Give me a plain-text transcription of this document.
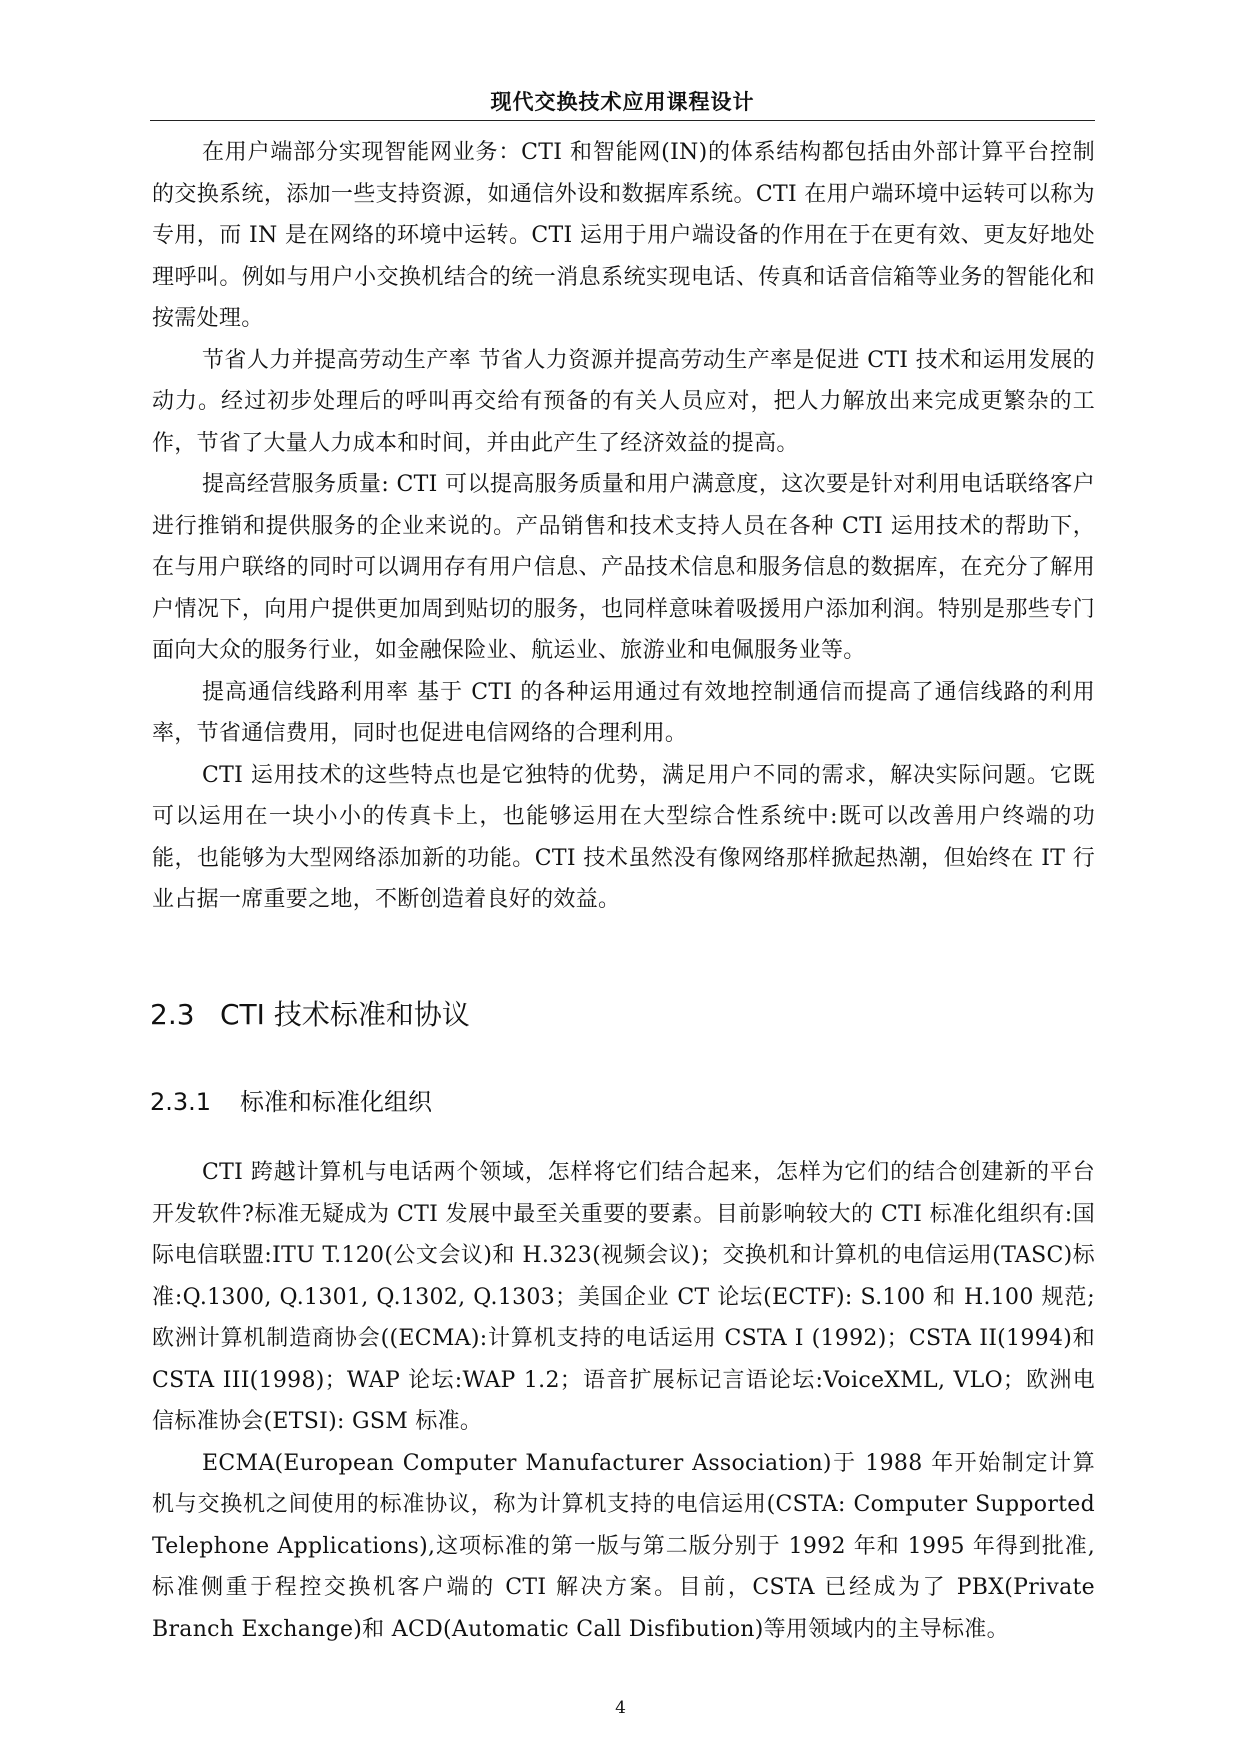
现代交换技术应用课程设计

在用户端部分实现智能网业务：CTI 和智能网(IN)的体系结构都包括由外部计算平台控制的交换系统，添加一些支持资源，如通信外设和数据库系统。CTI 在用户端环境中运转可以称为专用，而 IN 是在网络的环境中运转。CTI 运用于用户端设备的作用在于在更有效、更友好地处理呼叫。例如与用户小交换机结合的统一消息系统实现电话、传真和话音信箱等业务的智能化和按需处理。

节省人力并提高劳动生产率 节省人力资源并提高劳动生产率是促进 CTI 技术和运用发展的动力。经过初步处理后的呼叫再交给有预备的有关人员应对，把人力解放出来完成更繁杂的工作，节省了大量人力成本和时间，并由此产生了经济效益的提高。

提高经营服务质量: CTI 可以提高服务质量和用户满意度，这次要是针对利用电话联络客户进行推销和提供服务的企业来说的。产品销售和技术支持人员在各种 CTI 运用技术的帮助下，在与用户联络的同时可以调用存有用户信息、产品技术信息和服务信息的数据库，在充分了解用户情况下，向用户提供更加周到贴切的服务，也同样意味着吸援用户添加利润。特别是那些专门面向大众的服务行业，如金融保险业、航运业、旅游业和电佩服务业等。

提高通信线路利用率 基于 CTI 的各种运用通过有效地控制通信而提高了通信线路的利用率，节省通信费用，同时也促进电信网络的合理利用。

CTI 运用技术的这些特点也是它独特的优势，满足用户不同的需求，解决实际问题。它既可以运用在一块小小的传真卡上，也能够运用在大型综合性系统中:既可以改善用户终端的功能，也能够为大型网络添加新的功能。CTI 技术虽然没有像网络那样掀起热潮，但始终在 IT 行业占据一席重要之地，不断创造着良好的效益。

2.3 CTI 技术标准和协议
2.3.1 标准和标准化组织

CTI 跨越计算机与电话两个领域，怎样将它们结合起来，怎样为它们的结合创建新的平台开发软件?标准无疑成为 CTI 发展中最至关重要的要素。目前影响较大的 CTI 标准化组织有:国际电信联盟:ITU T.120(公文会议)和 H.323(视频会议)；交换机和计算机的电信运用(TASC)标准:Q.1300, Q.1301, Q.1302, Q.1303；美国企业 CT 论坛(ECTF): S.100 和 H.100 规范;欧洲计算机制造商协会((ECMA):计算机支持的电话运用 CSTA I (1992)；CSTA II(1994)和 CSTA III(1998)；WAP 论坛:WAP 1.2；语音扩展标记言语论坛:VoiceXML, VLO；欧洲电信标准协会(ETSI): GSM 标准。

ECMA(European Computer Manufacturer Association)于 1988 年开始制定计算机与交换机之间使用的标准协议，称为计算机支持的电信运用(CSTA: Computer Supported Telephone Applications),这项标准的第一版与第二版分别于 1992 年和 1995 年得到批准,标准侧重于程控交换机客户端的 CTI 解决方案。目前，CSTA 已经成为了 PBX(Private Branch Exchange)和 ACD(Automatic Call Disfibution)等用领域内的主导标准。

4
